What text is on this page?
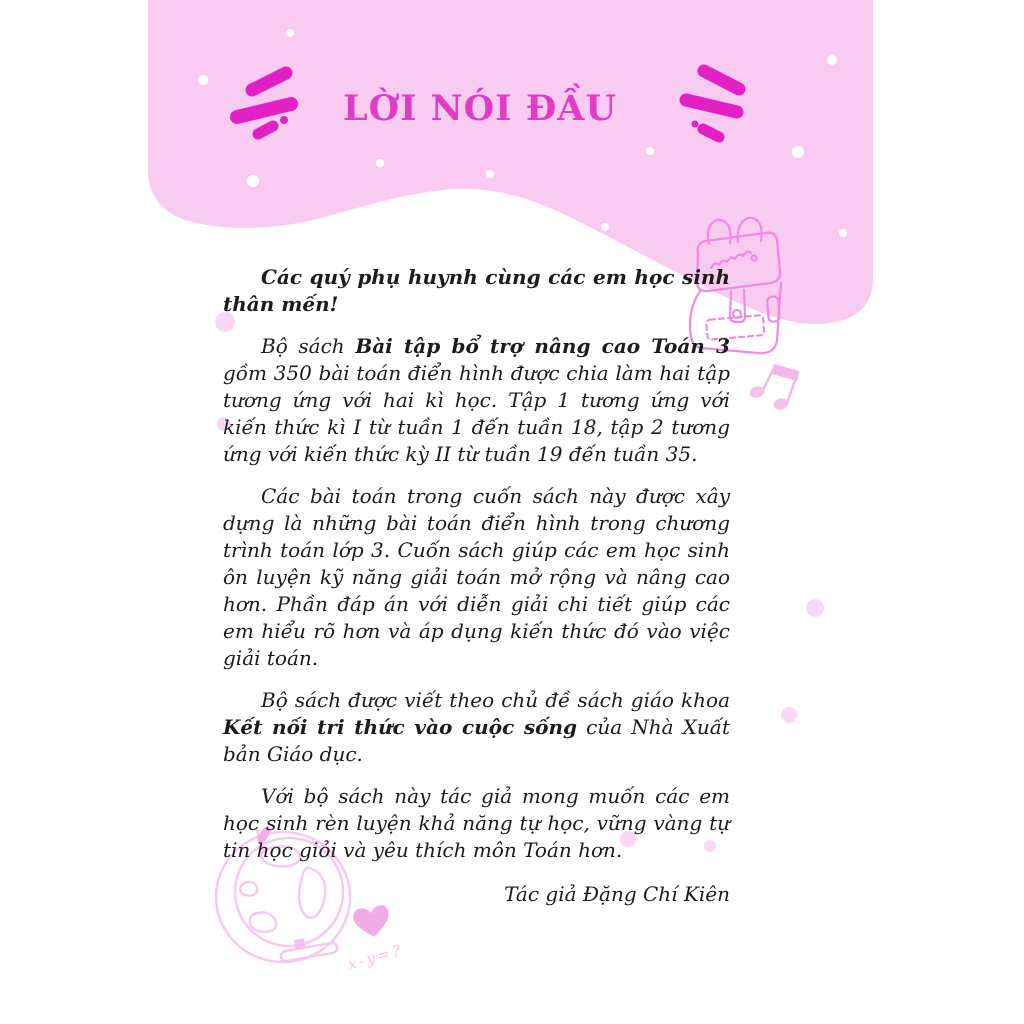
LỜI NÓI ĐẦU

Các quý phụ huynh cùng các em học sinh thân mến!

Bộ sách Bài tập bổ trợ nâng cao Toán 3 gồm 350 bài toán điển hình được chia làm hai tập tương ứng với hai kì học. Tập 1 tương ứng với kiến thức kì I từ tuần 1 đến tuần 18, tập 2 tương ứng với kiến thức kỳ II từ tuần 19 đến tuần 35.

Các bài toán trong cuốn sách này được xây dựng là những bài toán điển hình trong chương trình toán lớp 3. Cuốn sách giúp các em học sinh ôn luyện kỹ năng giải toán mở rộng và nâng cao hơn. Phần đáp án với diễn giải chi tiết giúp các em hiểu rõ hơn và áp dụng kiến thức đó vào việc giải toán.

Bộ sách được viết theo chủ đề sách giáo khoa Kết nối tri thức vào cuộc sống của Nhà Xuất bản Giáo dục.

Với bộ sách này tác giả mong muốn các em học sinh rèn luyện khả năng tự học, vững vàng tự tin học giỏi và yêu thích môn Toán hơn.

Tác giả Đặng Chí Kiên
x-y=?
